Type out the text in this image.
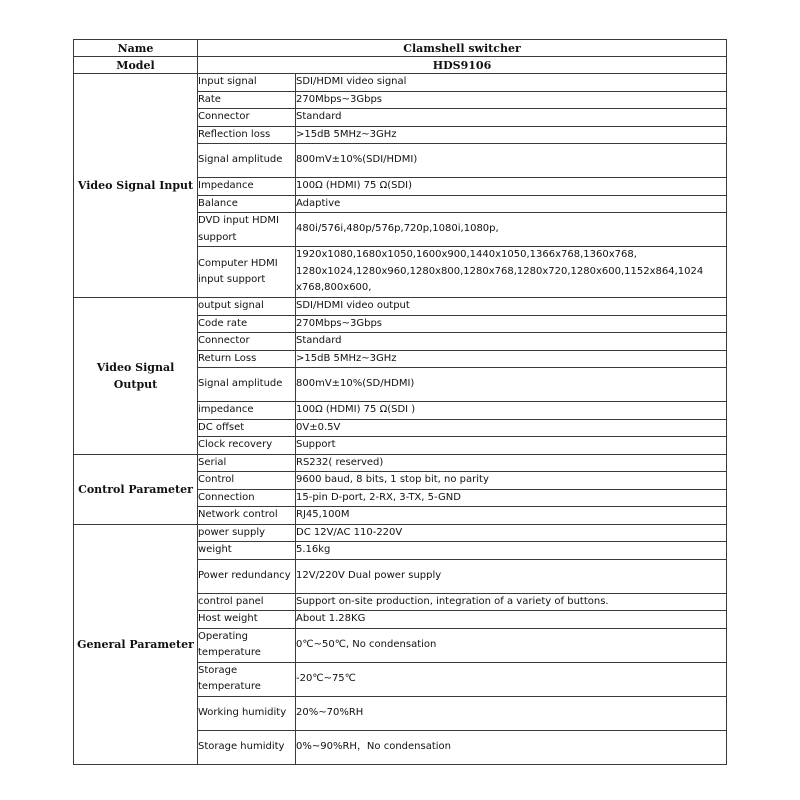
Name	Clamshell switcher	
Model	HDS9106	
Video Signal Input	Input signal	SDI/HDMI video signal
	Rate	270Mbps~3Gbps
	Connector	Standard
	Reflection loss	>15dB 5MHz~3GHz
	Signal amplitude	800mV±10%(SDI/HDMI)
	Impedance	100Ω (HDMI) 75 Ω(SDI)
	Balance	Adaptive
	DVD input HDMI support	480i/576i,480p/576p,720p,1080i,1080p,
	Computer HDMI input support	1920x1080,1680x1050,1600x900,1440x1050,1366x768,1360x768, 1280x1024,1280x960,1280x800,1280x768,1280x720,1280x600,1152x864,1024 x768,800x600,
Video Signal Output	output signal	SDI/HDMI video output
	Code rate	270Mbps~3Gbps
	Connector	Standard
	Return Loss	>15dB 5MHz~3GHz
	Signal amplitude	800mV±10%(SD/HDMI)
	impedance	100Ω (HDMI) 75 Ω(SDI )
	DC offset	0V±0.5V
	Clock recovery	Support
Control Parameter	Serial	RS232( reserved)
	Control	9600 baud, 8 bits, 1 stop bit, no parity
	Connection	15-pin D-port, 2-RX, 3-TX, 5-GND
	Network control	RJ45,100M
General Parameter	power supply	DC 12V/AC 110-220V
	weight	5.16kg
	Power redundancy	12V/220V Dual power supply
	control panel	Support on-site production, integration of a variety of buttons.
	Host weight	About 1.28KG
	Operating temperature	0℃~50℃, No condensation
	Storage temperature	-20℃~75℃
	Working humidity	20%~70%RH
	Storage humidity	0%~90%RH，No condensation
